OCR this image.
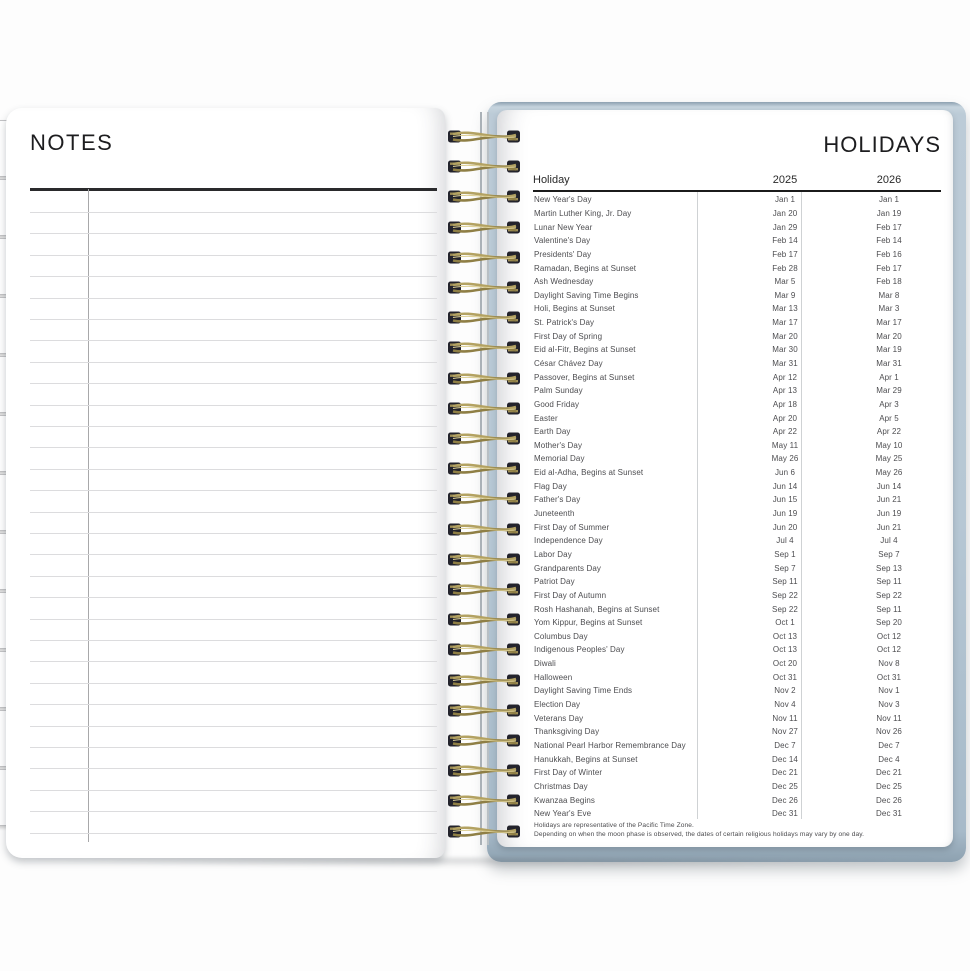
NOTES	HOLIDAYS
Holiday	2025	2026
New Year's Day	Jan 1	Jan 1
Martin Luther King, Jr. Day	Jan 20	Jan 19
Lunar New Year	Jan 29	Feb 17
Valentine's Day	Feb 14	Feb 14
Presidents' Day	Feb 17	Feb 16
Ramadan, Begins at Sunset	Feb 28	Feb 17
Ash Wednesday	Mar 5	Feb 18
Daylight Saving Time Begins	Mar 9	Mar 8
Holi, Begins at Sunset	Mar 13	Mar 3
St. Patrick's Day	Mar 17	Mar 17
First Day of Spring	Mar 20	Mar 20
Eid al-Fitr, Begins at Sunset	Mar 30	Mar 19
César Chávez Day	Mar 31	Mar 31
Passover, Begins at Sunset	Apr 12	Apr 1
Palm Sunday	Apr 13	Mar 29
Good Friday	Apr 18	Apr 3
Easter	Apr 20	Apr 5
Earth Day	Apr 22	Apr 22
Mother's Day	May 11	May 10
Memorial Day	May 26	May 25
Eid al-Adha, Begins at Sunset	Jun 6	May 26
Flag Day	Jun 14	Jun 14
Father's Day	Jun 15	Jun 21
Juneteenth	Jun 19	Jun 19
First Day of Summer	Jun 20	Jun 21
Independence Day	Jul 4	Jul 4
Labor Day	Sep 1	Sep 7
Grandparents Day	Sep 7	Sep 13
Patriot Day	Sep 11	Sep 11
First Day of Autumn	Sep 22	Sep 22
Rosh Hashanah, Begins at Sunset	Sep 22	Sep 11
Yom Kippur, Begins at Sunset	Oct 1	Sep 20
Columbus Day	Oct 13	Oct 12
Indigenous Peoples' Day	Oct 13	Oct 12
Diwali	Oct 20	Nov 8
Halloween	Oct 31	Oct 31
Daylight Saving Time Ends	Nov 2	Nov 1
Election Day	Nov 4	Nov 3
Veterans Day	Nov 11	Nov 11
Thanksgiving Day	Nov 27	Nov 26
National Pearl Harbor Remembrance Day	Dec 7	Dec 7
Hanukkah, Begins at Sunset	Dec 14	Dec 4
First Day of Winter	Dec 21	Dec 21
Christmas Day	Dec 25	Dec 25
Kwanzaa Begins	Dec 26	Dec 26
New Year's Eve	Dec 31	Dec 31
Holidays are representative of the Pacific Time Zone.
Depending on when the moon phase is observed, the dates of certain religious holidays may vary by one day.
